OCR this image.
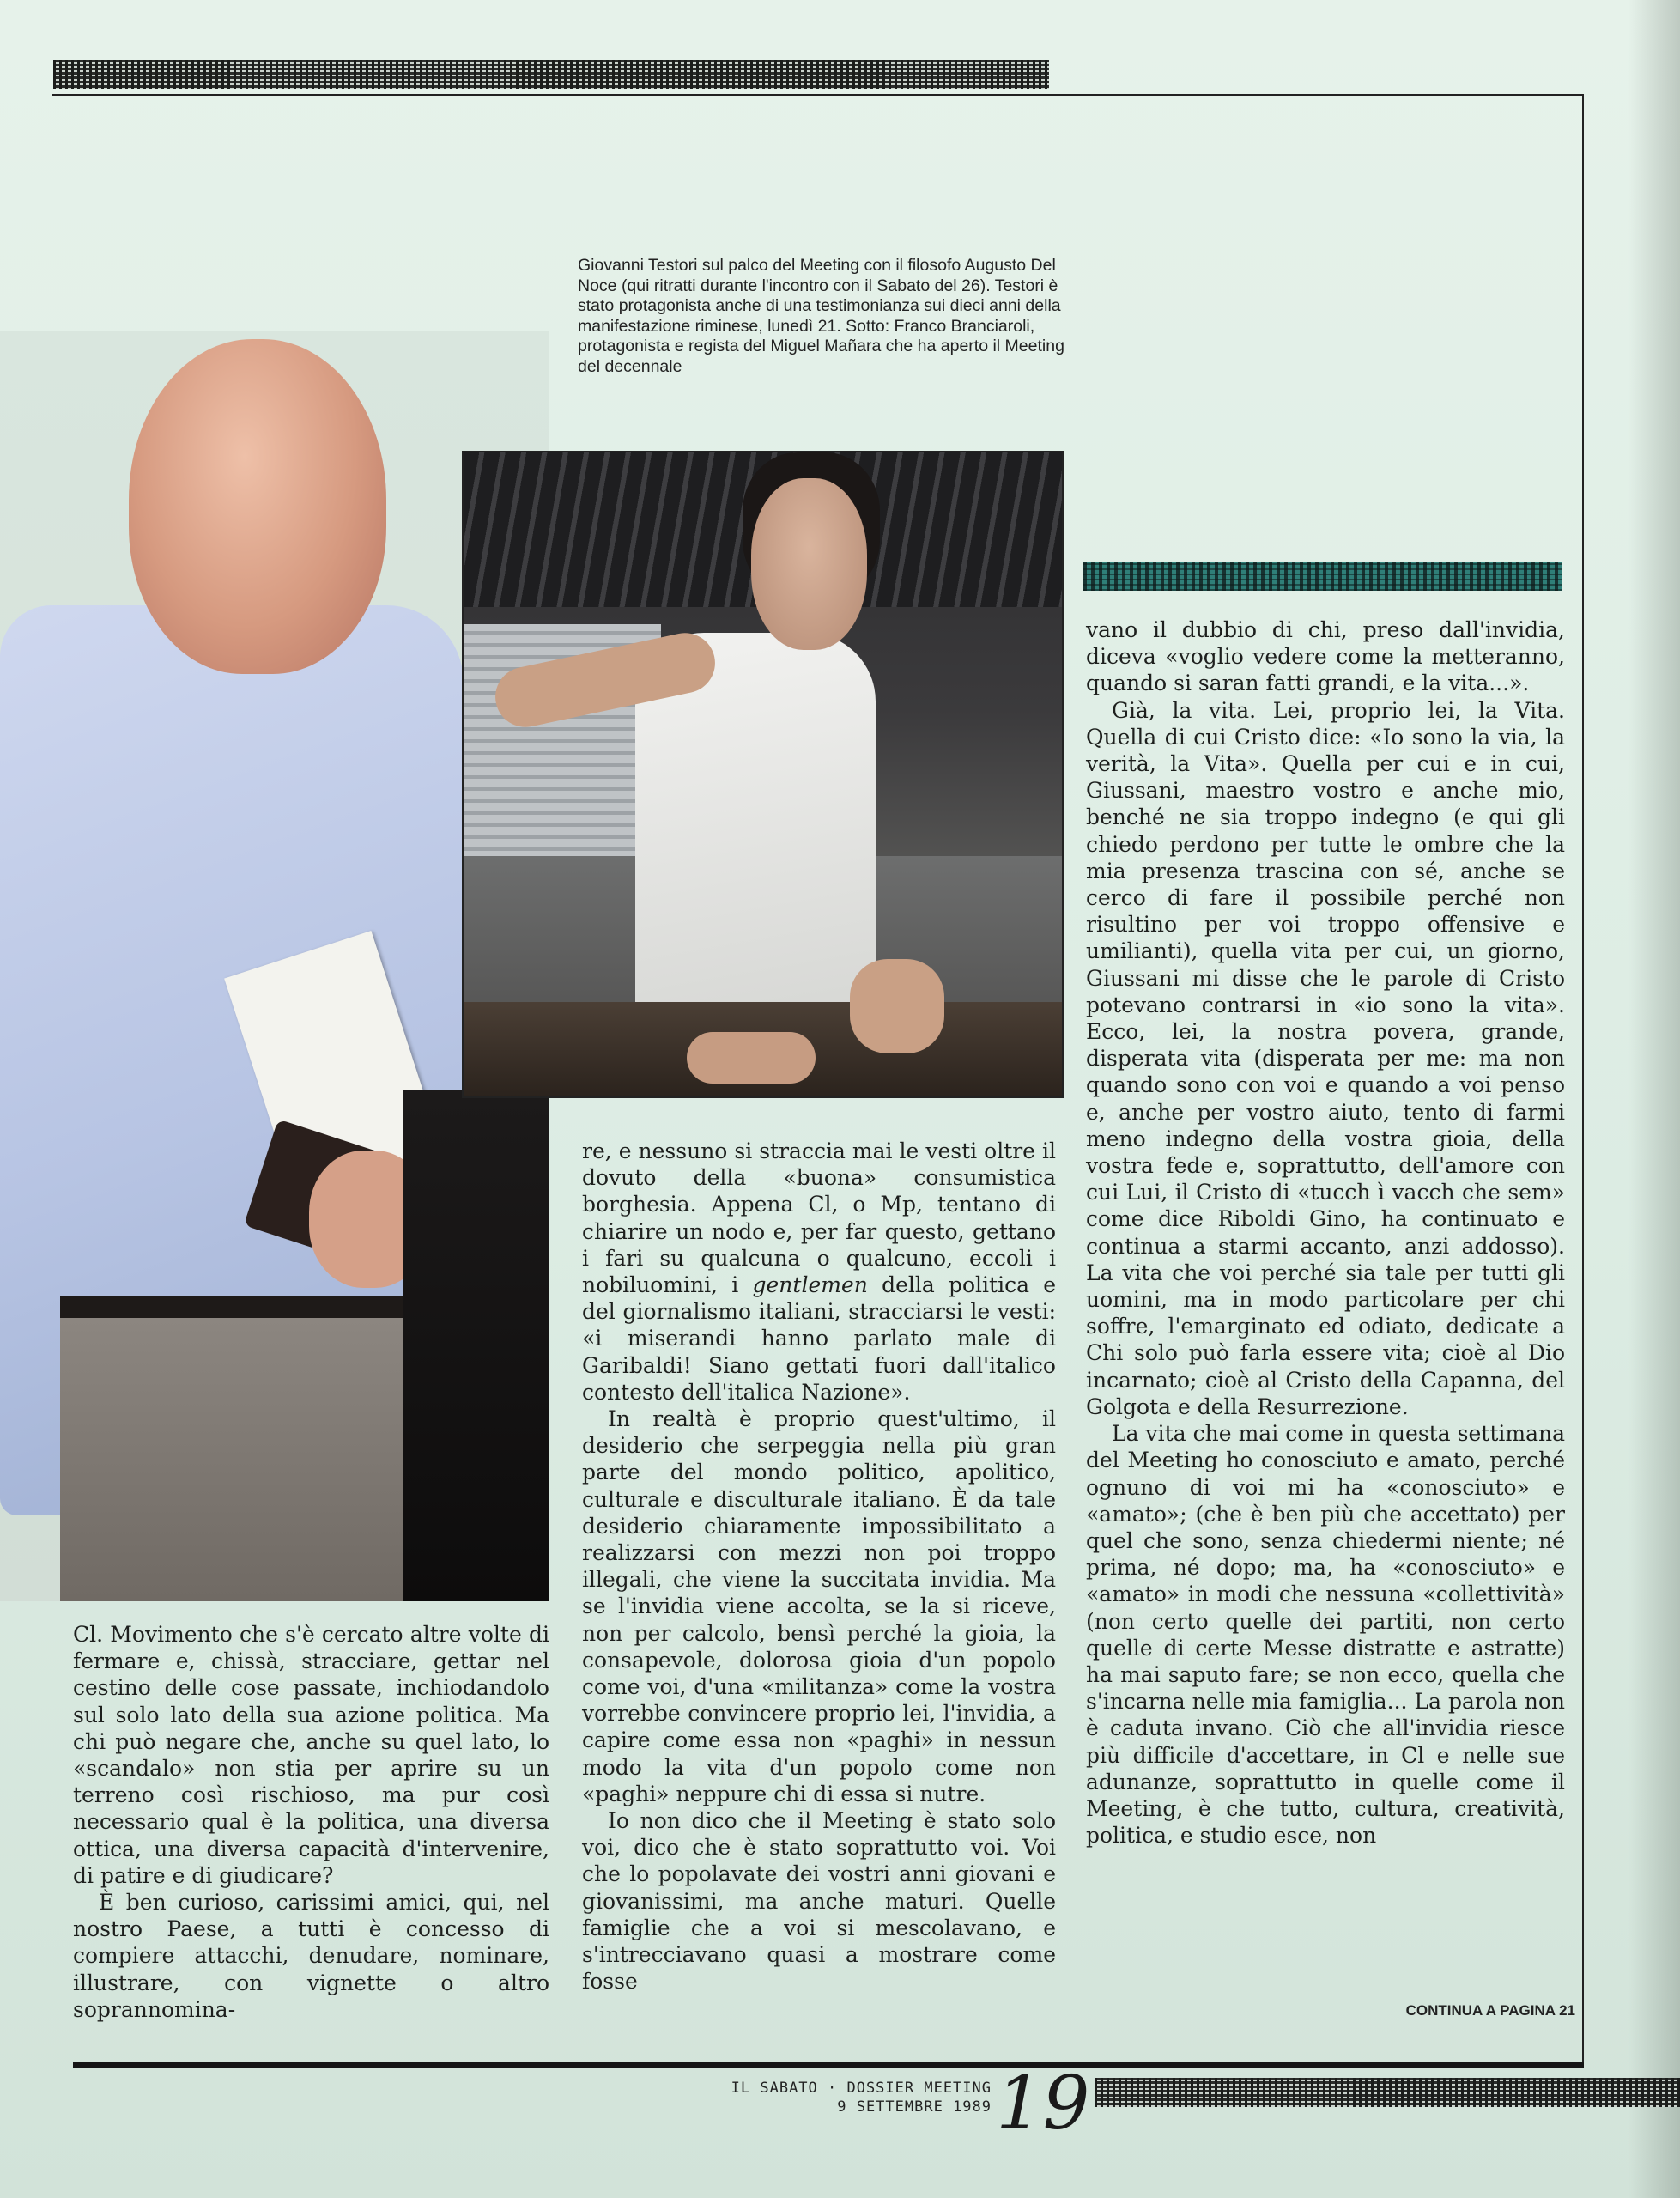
Giovanni Testori sul palco del Meeting con il filosofo Augusto Del Noce (qui ritratti durante l'incontro con il Sabato del 26). Testori è stato protagonista anche di una testimonianza sui dieci anni della manifestazione riminese, lunedì 21. Sotto: Franco Branciaroli, protagonista e regista del Miguel Mañara che ha aperto il Meeting del decennale

Cl. Movimento che s'è cercato altre volte di fermare e, chissà, stracciare, gettar nel cestino delle cose passate, inchiodandolo sul solo lato della sua azione politica. Ma chi può negare che, anche su quel lato, lo «scandalo» non stia per aprire su un terreno così rischioso, ma pur così necessario qual è la politica, una diversa ottica, una diversa capacità d'intervenire, di patire e di giudicare?

È ben curioso, carissimi amici, qui, nel nostro Paese, a tutti è concesso di compiere attacchi, denudare, nominare, illustrare, con vignette o altro soprannomina-

re, e nessuno si straccia mai le vesti oltre il dovuto della «buona» consumistica borghesia. Appena Cl, o Mp, tentano di chiarire un nodo e, per far questo, gettano i fari su qualcuna o qualcuno, eccoli i nobiluomini, i gentlemen della politica e del giornalismo italiani, stracciarsi le vesti: «i miserandi hanno parlato male di Garibaldi! Siano gettati fuori dall'italico contesto dell'italica Nazione».

In realtà è proprio quest'ultimo, il desiderio che serpeggia nella più gran parte del mondo politico, apolitico, culturale e disculturale italiano. È da tale desiderio chiaramente impossibilitato a realizzarsi con mezzi non poi troppo illegali, che viene la succitata invidia. Ma se l'invidia viene accolta, se la si riceve, non per calcolo, bensì perché la gioia, la consapevole, dolorosa gioia d'un popolo come voi, d'una «militanza» come la vostra vorrebbe convincere proprio lei, l'invidia, a capire come essa non «paghi» in nessun modo la vita d'un popolo come non «paghi» neppure chi di essa si nutre.

Io non dico che il Meeting è stato solo voi, dico che è stato soprattutto voi. Voi che lo popolavate dei vostri anni giovani e giovanissimi, ma anche maturi. Quelle famiglie che a voi si mescolavano, e s'intrecciavano quasi a mostrare come fosse

vano il dubbio di chi, preso dall'invidia, diceva «voglio vedere come la metteranno, quando si saran fatti grandi, e la vita...».

Già, la vita. Lei, proprio lei, la Vita. Quella di cui Cristo dice: «Io sono la via, la verità, la Vita». Quella per cui e in cui, Giussani, maestro vostro e anche mio, benché ne sia troppo indegno (e qui gli chiedo perdono per tutte le ombre che la mia presenza trascina con sé, anche se cerco di fare il possibile perché non risultino per voi troppo offensive e umilianti), quella vita per cui, un giorno, Giussani mi disse che le parole di Cristo potevano contrarsi in «io sono la vita». Ecco, lei, la nostra povera, grande, disperata vita (disperata per me: ma non quando sono con voi e quando a voi penso e, anche per vostro aiuto, tento di farmi meno indegno della vostra gioia, della vostra fede e, soprattutto, dell'amore con cui Lui, il Cristo di «tucch ì vacch che sem» come dice Riboldi Gino, ha continuato e continua a starmi accanto, anzi addosso). La vita che voi perché sia tale per tutti gli uomini, ma in modo particolare per chi soffre, l'emarginato ed odiato, dedicate a Chi solo può farla essere vita; cioè al Dio incarnato; cioè al Cristo della Capanna, del Golgota e della Resurrezione.

La vita che mai come in questa settimana del Meeting ho conosciuto e amato, perché ognuno di voi mi ha «conosciuto» e «amato»; (che è ben più che accettato) per quel che sono, senza chiedermi niente; né prima, né dopo; ma, ha «conosciuto» e «amato» in modi che nessuna «collettività» (non certo quelle dei partiti, non certo quelle di certe Messe distratte e astratte) ha mai saputo fare; se non ecco, quella che s'incarna nelle mia famiglia... La parola non è caduta invano. Ciò che all'invidia riesce più difficile d'accettare, in Cl e nelle sue adunanze, soprattutto in quelle come il Meeting, è che tutto, cultura, creatività, politica, e studio esce, non

CONTINUA A PAGINA 21
IL SABATO · DOSSIER MEETING
9 SETTEMBRE 1989 19
